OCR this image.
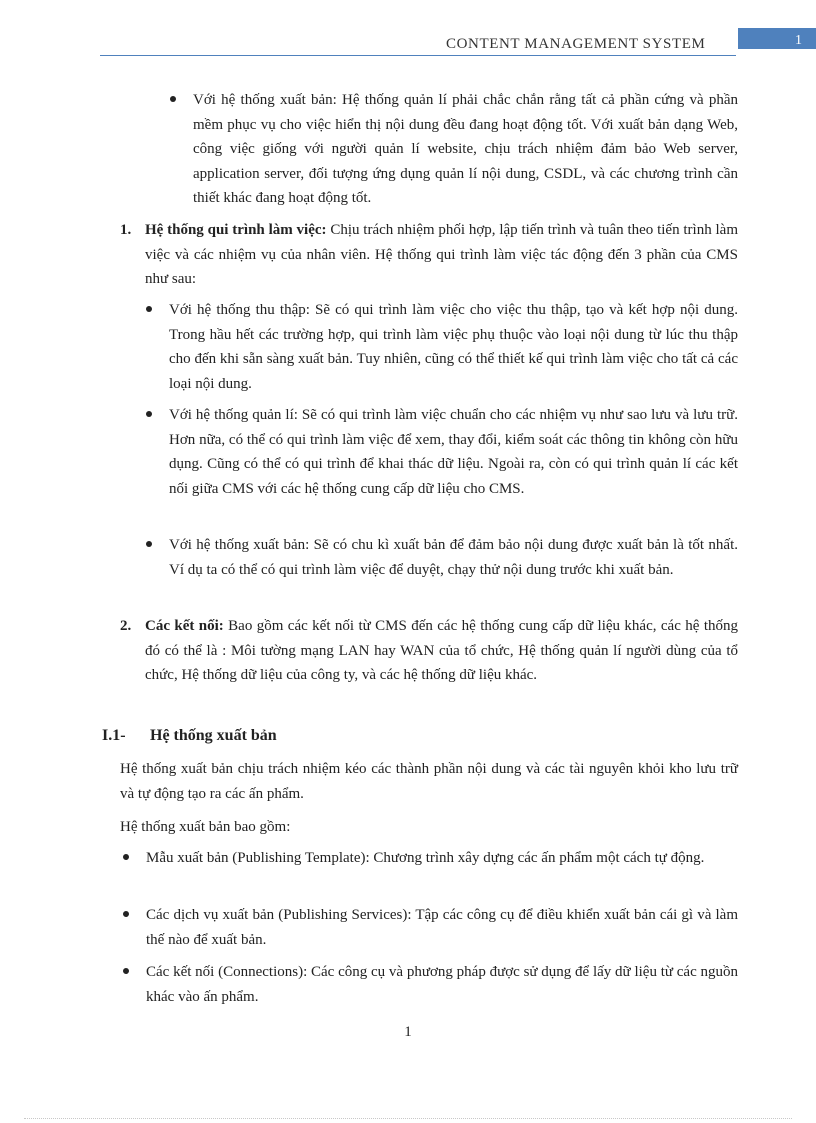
CONTENT MANAGEMENT SYSTEM	1

Với hệ thống xuất bản: Hệ thống quản lí phải chắc chắn rằng tất cả phần cứng và phần mềm phục vụ cho việc hiển thị nội dung đều đang hoạt động tốt. Với xuất bản dạng Web, công việc giống với người quản lí website, chịu trách nhiệm đảm bảo Web server, application server, đối tượng ứng dụng quản lí nội dung, CSDL, và các chương trình cần thiết khác đang hoạt động tốt.

1. Hệ thống qui trình làm việc: Chịu trách nhiệm phối hợp, lập tiến trình và tuân theo tiến trình làm việc và các nhiệm vụ của nhân viên. Hệ thống qui trình làm việc tác động đến 3 phần của CMS như sau:

Với hệ thống thu thập: Sẽ có qui trình làm việc cho việc thu thập, tạo và kết hợp nội dung. Trong hầu hết các trường hợp, qui trình làm việc phụ thuộc vào loại nội dung từ lúc thu thập cho đến khi sẵn sàng xuất bản. Tuy nhiên, cũng có thể thiết kế qui trình làm việc cho tất cả các loại nội dung.

Với hệ thống quản lí: Sẽ có qui trình làm việc chuẩn cho các nhiệm vụ như sao lưu và lưu trữ. Hơn nữa, có thể có qui trình làm việc để xem, thay đổi, kiểm soát các thông tin không còn hữu dụng. Cũng có thể có qui trình để khai thác dữ liệu. Ngoài ra, còn có qui trình quản lí các kết nối giữa CMS với các hệ thống cung cấp dữ liệu cho CMS.

Với hệ thống xuất bản: Sẽ có chu kì xuất bản để đảm bảo nội dung được xuất bản là tốt nhất. Ví dụ ta có thể có qui trình làm việc để duyệt, chạy thử nội dung trước khi xuất bản.

2. Các kết nối: Bao gồm các kết nối từ CMS đến các hệ thống cung cấp dữ liệu khác, các hệ thống đó có thể là : Môi tường mạng LAN hay WAN của tổ chức, Hệ thống quản lí người dùng của tổ chức, Hệ thống dữ liệu của công ty, và các hệ thống dữ liệu khác.

I.1- Hệ thống xuất bản

Hệ thống xuất bản chịu trách nhiệm kéo các thành phần nội dung và các tài nguyên khỏi kho lưu trữ và tự động tạo ra các ấn phẩm.

Hệ thống xuất bản bao gồm:

Mẫu xuất bản (Publishing Template): Chương trình xây dựng các ấn phẩm một cách tự động.

Các dịch vụ xuất bản (Publishing Services): Tập các công cụ để điều khiển xuất bản cái gì và làm thế nào để xuất bản.

Các kết nối (Connections): Các công cụ và phương pháp được sử dụng để lấy dữ liệu từ các nguồn khác vào ấn phẩm.

1
